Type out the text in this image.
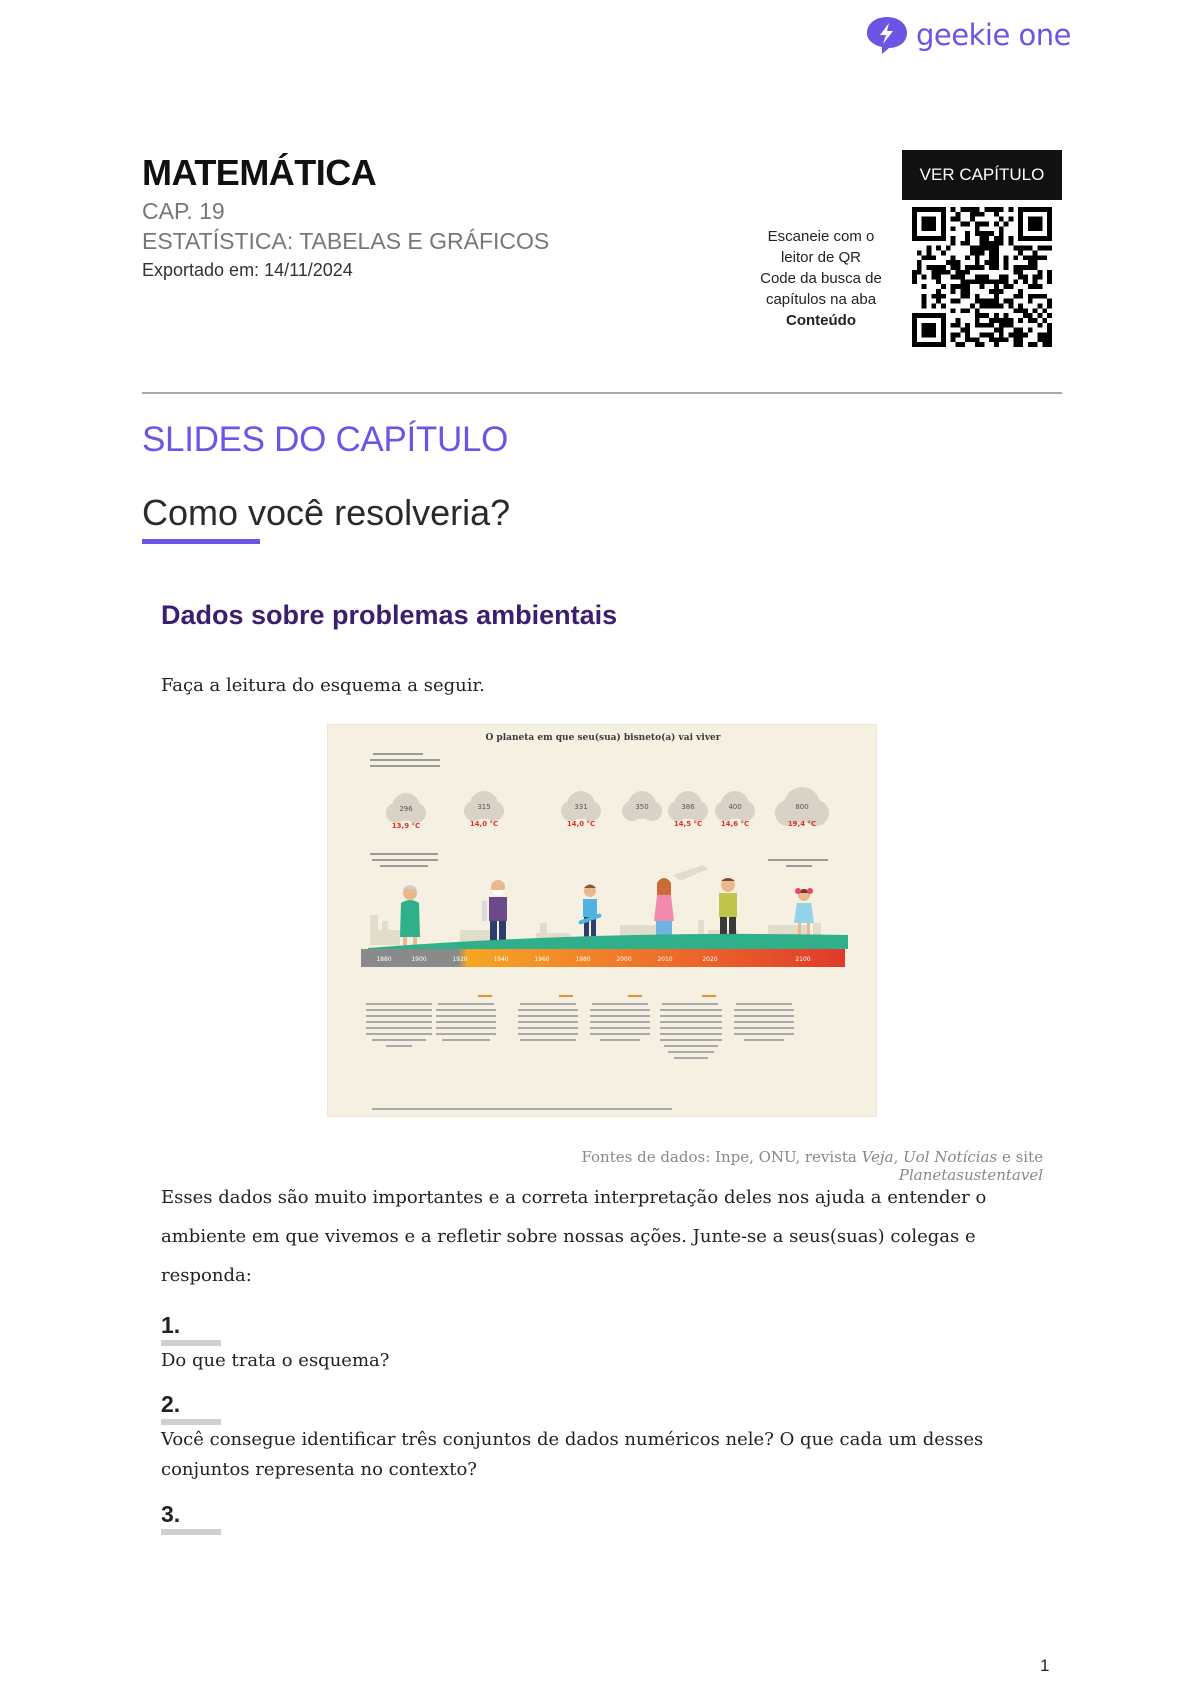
geekie one
MATEMÁTICA
CAP. 19
ESTATÍSTICA: TABELAS E GRÁFICOS
Exportado em: 14/11/2024
Escaneie com o
leitor de QR
Code da busca de
capítulos na aba
Conteúdo
VER CAPÍTULO
SLIDES DO CAPÍTULO
Como você resolveria?
Dados sobre problemas ambientais
Faça a leitura do esquema a seguir.
O planeta em que seu(sua) bisneto(a) vai viver
296	315	331	350	386	400	800
13,9 °C	14,0 °C	14,0 °C	14,5 °C	14,6 °C	19,4 °C
1880	1900	1920	1940	1960	1980	2000	2010	2020	2100
Fontes de dados: Inpe, ONU, revista Veja, Uol Notícias e site Planetasustentavel
Esses dados são muito importantes e a correta interpretação deles nos ajuda a entender o ambiente em que vivemos e a refletir sobre nossas ações. Junte-se a seus(suas) colegas e responda:
1.
Do que trata o esquema?
2.
Você consegue identificar três conjuntos de dados numéricos nele? O que cada um desses conjuntos representa no contexto?
3.
1
